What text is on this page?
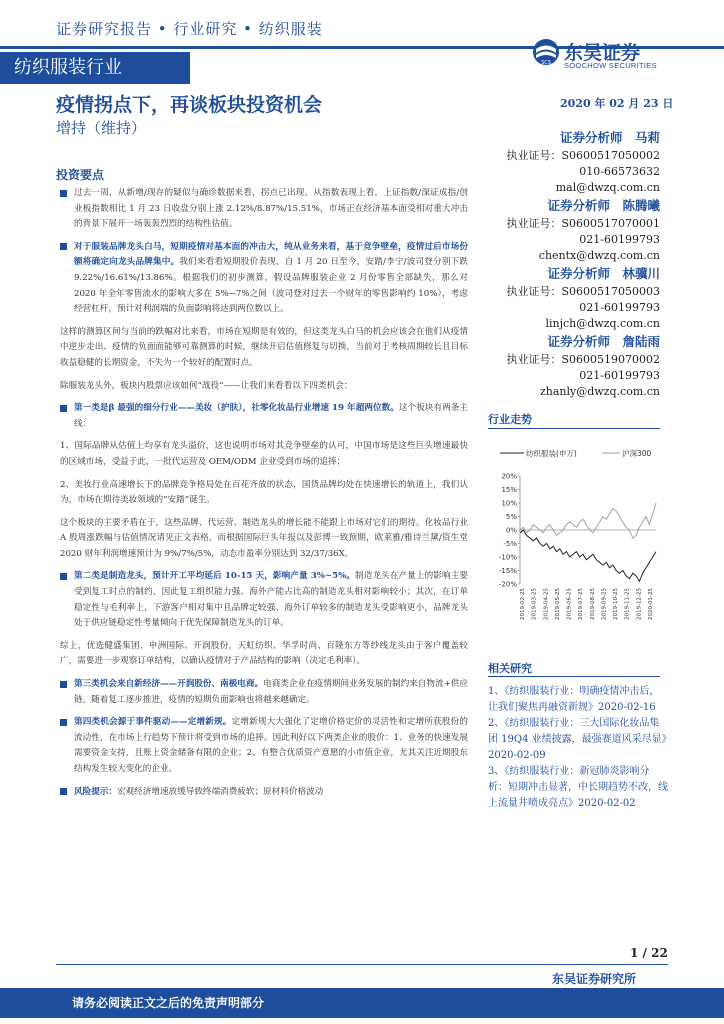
证券研究报告 • 行业研究 • 纺织服装
纺织服装行业	SCS 东吴证券
SOOCHOW SECURITIES
疫情拐点下，再谈板块投资机会
增持（维持）
2020 年 02 月 23 日
证券分析师　马莉
执业证号：S0600517050002
010-66573632
mal@dwzq.com.cn
证券分析师　陈腾曦
执业证号：S0600517070001
021-60199793
chentx@dwzq.com.cn
证券分析师　林骥川
执业证号：S0600517050003
021-60199793
linjch@dwzq.com.cn
证券分析师　詹陆雨
执业证号：S0600519070002
021-60199793
zhanly@dwzq.com.cn
投资要点

过去一周，从新增/现存的疑似与确诊数据来看，拐点已出现。从指数表现上看，上证指数/深证成指/创业板指数相比 1 月 23 日收盘分别上涨 2.12%/8.87%/15.51%，市场正在经济基本面受相对重大冲击的背景下展开一场轰轰烈烈的结构性估值。

对于服装品牌龙头白马，短期疫情对基本面的冲击大，纯从业务来看，基于竞争壁垒，疫情过后市场份额将确定向龙头品牌集中。我们来看看短期股价表现，自 1 月 20 日至今，安踏/李宁/波司登分别下跌 9.22%/16.61%/13.86%。根据我们的初步测算，假设品牌服装企业 2 月份零售全部缺失，那么对 2020 年全年零售流水的影响大多在 5%~7%之间（波司登对过去一个财年的零售影响约 10%），考虑经营杠杆，预计对利润端的负面影响将达到两位数以上。

这样的测算区间与当前的跌幅对比来看，市场在短期是有效的，但这类龙头白马的机会应该会在他们从疫情中逆步走出、疫情的负面面能够可靠测算的时候，继续开启估值修复与切换，当前对于考核周期较长且目标收益稳健的长期资金，不失为一个较好的配置时点。

除服装龙头外，板块内股票应该如何“战役”——让我们来看看以下四类机会：

第一类是β 最强的细分行业——美妆（护肤），社零化妆品行业增速 19 年超两位数。这个板块有两条主线：

1、国际品牌从估值上均享有龙头溢价，这也说明市场对其竞争壁垒的认可，中国市场是这些巨头增速最快的区域市场，受益于此，一批代运营及 OEM/ODM 企业受到市场的追捧；

2、美妆行业高速增长下的品牌竞争格局处在百花齐放的状态，国货品牌均处在快速增长的轨道上，我们认为，市场在期待美妆领域的“安踏”诞生。

这个板块的主要矛盾在于，这些品牌、代运营、制造龙头的增长能不能跟上市场对它们的期待。化妆品行业 A 股周涨跌幅与估值情况请见正文表格，而根据国际巨头年报以及彭博一致预期，欧莱雅/雅诗兰黛/资生堂 2020 财年利润增速预计为 9%/7%/5%，动态市盈率分别达到 32/37/36X。

第二类是制造龙头，预计开工平均延后 10-15 天，影响产量 3%~5%。制造龙头在产量上的影响主要受到复工时点的制约，因此复工组织能力强、海外产能占比高的制造龙头相对影响较小；其次，在订单稳定性与毛利率上，下游客户相对集中且品牌定较强、海外订单较多的制造龙头受影响更小，品牌龙头处于供应链稳定性考量倾向于优先保障制造龙头的订单。

综上，优选健盛集团、申洲国际、开润股份，天虹纺织、华孚时尚、百隆东方等纱线龙头由于客户覆盖较广，需要进一步观察订单结构，以确认疫情对于产品结构的影响（决定毛利率）。

第三类机会来自新经济——开润股份、南极电商。电商类企业在疫情期间业务发展的制约来自物流+供应链，随着复工逐步推进，疫情的短期负面影响也将越来越确定。

第四类机会源于事件驱动——定增新规。定增新规大大强化了定增价格定价的灵活性和定增所获股份的流动性，在市场上行趋势下预计将受到市场的追捧。因此利好以下两类企业的股价：1、业务的快速发展需要资金支持，且账上资金储备有限的企业；2、有整合优质资产意愿的小市值企业，尤其关注近期股东结构发生较大变化的企业。

风险提示：宏观经济增速放缓导致终端消费疲软；原材料价格波动

行业走势
纺织服装(申万)	沪深300
20%
15%
10%
5%
0%
-5%
-10%
-15%
-20%
2019-02-25 2019-03-25 2019-04-25 2019-05-25 2019-06-25 2019-07-25 2019-08-25 2019-09-25 2019-10-25 2019-11-25 2019-12-25 2020-01-25
相关研究

1、《纺织服装行业：明确疫情冲击后，让我们聚焦再融资新规》2020-02-16

2、《纺织服装行业：三大国际化妆品集团 19Q4 业绩披露，最强赛道风采尽显》2020-02-09

3、《纺织服装行业：新冠肺炎影响分析：短期冲击显著，中长期趋势不改，线上流量井喷成亮点》2020-02-02

1 / 22
东吴证券研究所
请务必阅读正文之后的免责声明部分
